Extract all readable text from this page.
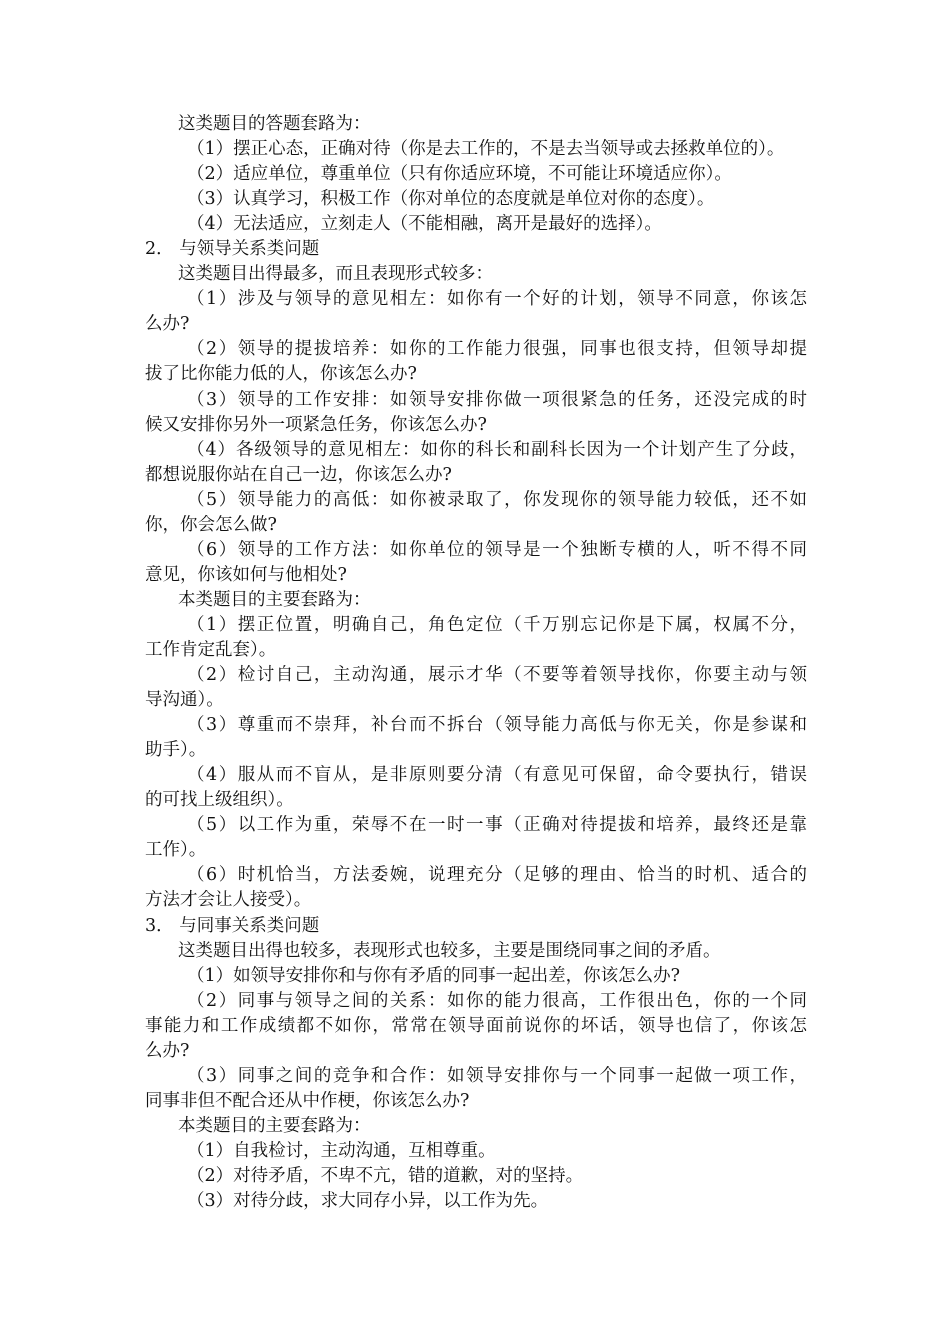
这类题目的答题套路为：
（1）摆正心态，正确对待（你是去工作的，不是去当领导或去拯救单位的）。
（2）适应单位，尊重单位（只有你适应环境，不可能让环境适应你）。
（3）认真学习，积极工作（你对单位的态度就是单位对你的态度）。
（4）无法适应，立刻走人（不能相融，离开是最好的选择）。
2． 与领导关系类问题
这类题目出得最多，而且表现形式较多：
（1）涉及与领导的意见相左：如你有一个好的计划，领导不同意，你该怎
么办?
（2）领导的提拔培养：如你的工作能力很强，同事也很支持，但领导却提
拔了比你能力低的人，你该怎么办?
（3）领导的工作安排：如领导安排你做一项很紧急的任务，还没完成的时
候又安排你另外一项紧急任务，你该怎么办?
（4）各级领导的意见相左：如你的科长和副科长因为一个计划产生了分歧，
都想说服你站在自己一边，你该怎么办?
（5）领导能力的高低：如你被录取了，你发现你的领导能力较低，还不如
你，你会怎么做?
（6）领导的工作方法：如你单位的领导是一个独断专横的人，听不得不同
意见，你该如何与他相处?
本类题目的主要套路为：
（1）摆正位置，明确自己，角色定位（千万别忘记你是下属，权属不分，
工作肯定乱套）。
（2）检讨自己，主动沟通，展示才华（不要等着领导找你，你要主动与领
导沟通）。
（3）尊重而不崇拜，补台而不拆台（领导能力高低与你无关，你是参谋和
助手）。
（4）服从而不盲从，是非原则要分清（有意见可保留，命令要执行，错误
的可找上级组织）。
（5）以工作为重，荣辱不在一时一事（正确对待提拔和培养，最终还是靠
工作）。
（6）时机恰当，方法委婉，说理充分（足够的理由、恰当的时机、适合的
方法才会让人接受）。
3． 与同事关系类问题
这类题目出得也较多，表现形式也较多，主要是围绕同事之间的矛盾。
（1）如领导安排你和与你有矛盾的同事一起出差，你该怎么办?
（2）同事与领导之间的关系：如你的能力很高，工作很出色，你的一个同
事能力和工作成绩都不如你，常常在领导面前说你的坏话，领导也信了，你该怎
么办?
（3）同事之间的竞争和合作：如领导安排你与一个同事一起做一项工作，
同事非但不配合还从中作梗，你该怎么办?
本类题目的主要套路为：
（1）自我检讨，主动沟通，互相尊重。
（2）对待矛盾，不卑不亢，错的道歉，对的坚持。
（3）对待分歧，求大同存小异，以工作为先。
